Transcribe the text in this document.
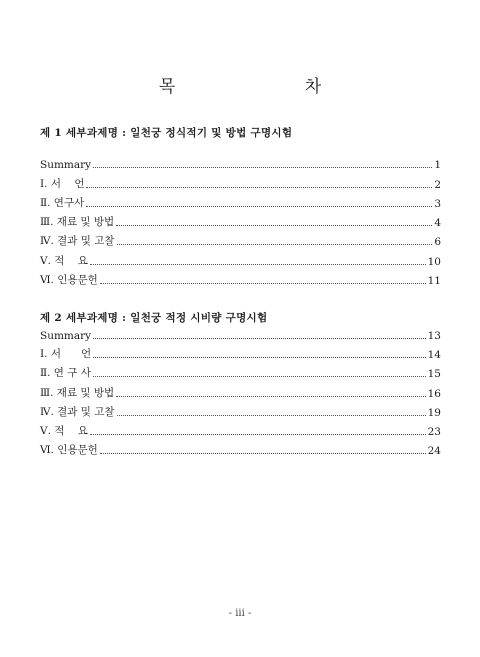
목 차
제 1 세부과제명 : 일천궁 정식적기 및 방법 구명시험
Summary	1
Ⅰ. 서    언	2
Ⅱ. 연구사	3
Ⅲ. 재료 및 방법	4
Ⅳ. 결과 및 고찰	6
Ⅴ. 적    요	10
Ⅵ. 인용문헌	11
제 2 세부과제명 : 일천궁 적정 시비량 구명시험
Summary	13
Ⅰ. 서      언	14
Ⅱ. 연 구 사	15
Ⅲ. 재료 및 방법	16
Ⅳ. 결과 및 고찰	19
Ⅴ. 적    요	23
Ⅵ. 인용문헌	24
- iii -
